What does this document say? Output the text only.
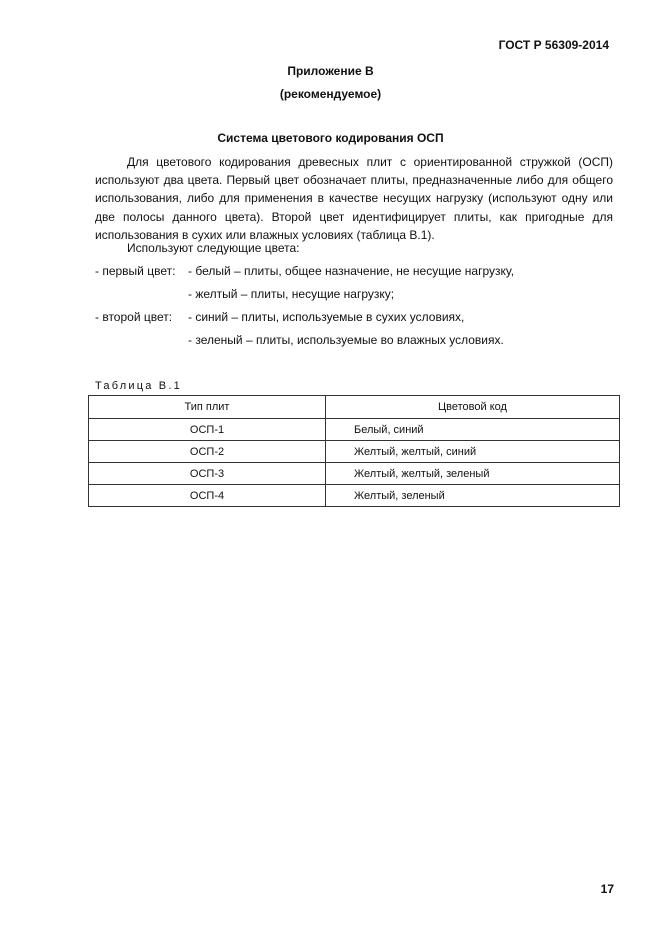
ГОСТ Р 56309-2014
Приложение В
(рекомендуемое)
Система цветового кодирования ОСП

Для цветового кодирования древесных плит с ориентированной стружкой (ОСП) используют два цвета. Первый цвет обозначает плиты, предназначенные либо для общего использования, либо для применения в качестве несущих нагрузку (используют одну или две полосы данного цвета). Второй цвет идентифицирует плиты, как пригодные для использования в сухих или влажных условиях (таблица В.1).

Используют следующие цвета:

- первый цвет: - белый – плиты, общее назначение, не несущие нагрузку,
- желтый – плиты, несущие нагрузку;
- второй цвет: - синий – плиты, используемые в сухих условиях,
- зеленый – плиты, используемые во влажных условиях.
Таблица В.1
Тип плит	Цветовой код
ОСП-1	Белый, синий
ОСП-2	Желтый, желтый, синий
ОСП-3	Желтый, желтый, зеленый
ОСП-4	Желтый, зеленый
17
